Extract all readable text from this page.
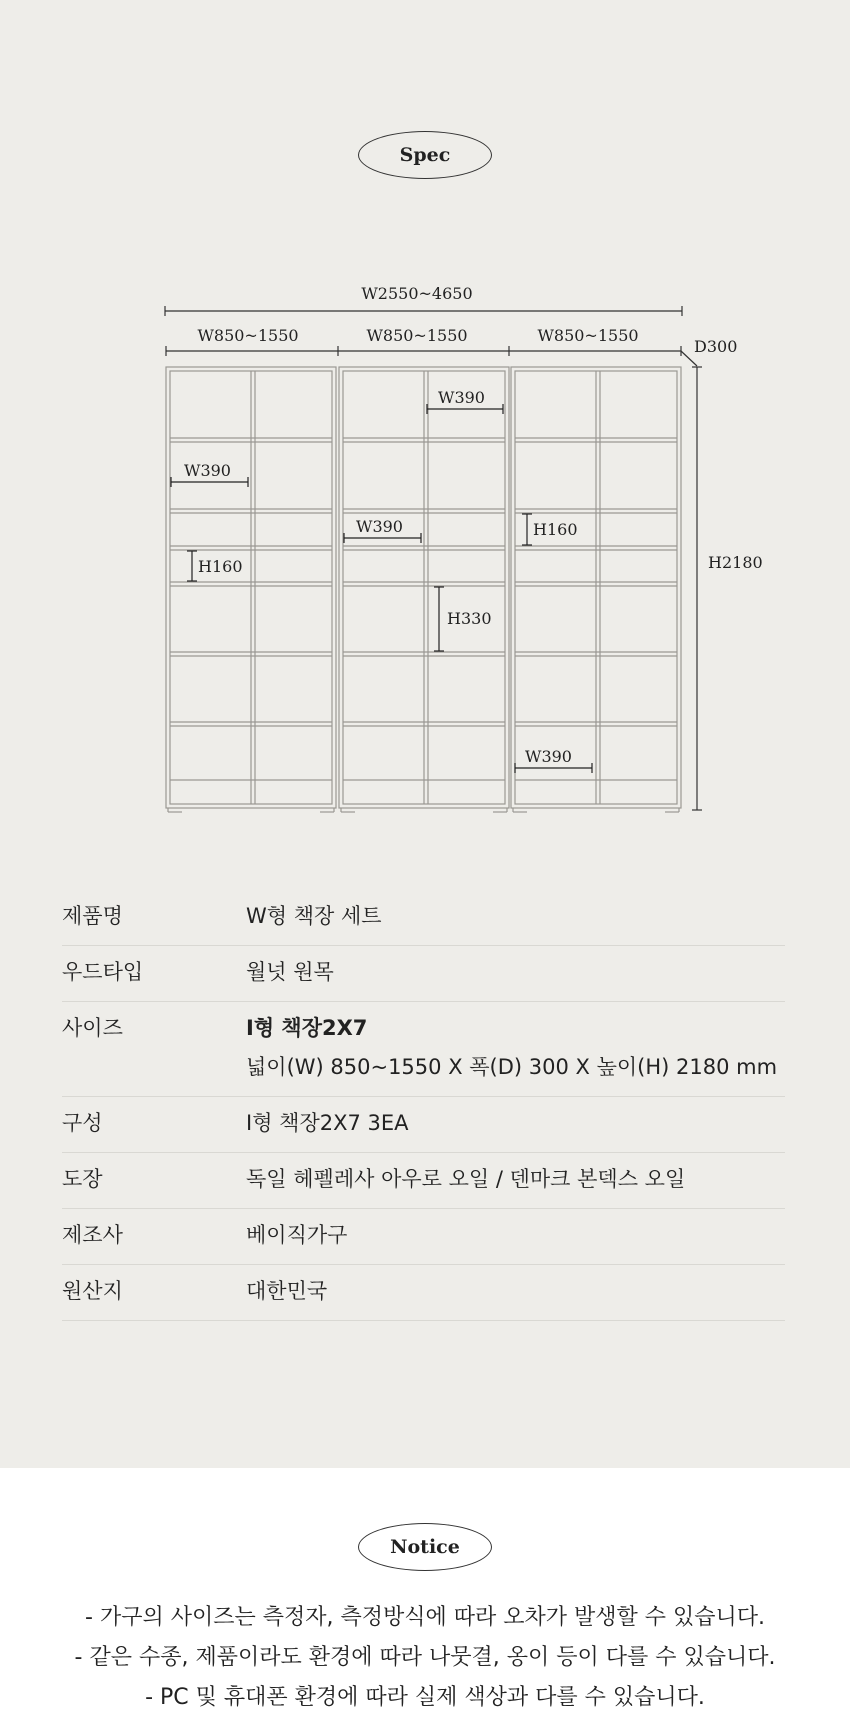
Spec
W2550~4650
W850~1550	W850~1550	W850~1550
D300
H2180
W390
W390
W390
W390
H160
H160
H330
제품명	W형 책장 세트
우드타입	월넛 원목
사이즈	I형 책장2X7
넓이(W) 850~1550 X 폭(D) 300 X 높이(H) 2180 mm
구성	I형 책장2X7 3EA
도장	독일 헤펠레사 아우로 오일 / 덴마크 본덱스 오일
제조사	베이직가구
원산지	대한민국
Notice
- 가구의 사이즈는 측정자, 측정방식에 따라 오차가 발생할 수 있습니다.
- 같은 수종, 제품이라도 환경에 따라 나뭇결, 옹이 등이 다를 수 있습니다.
- PC 및 휴대폰 환경에 따라 실제 색상과 다를 수 있습니다.
